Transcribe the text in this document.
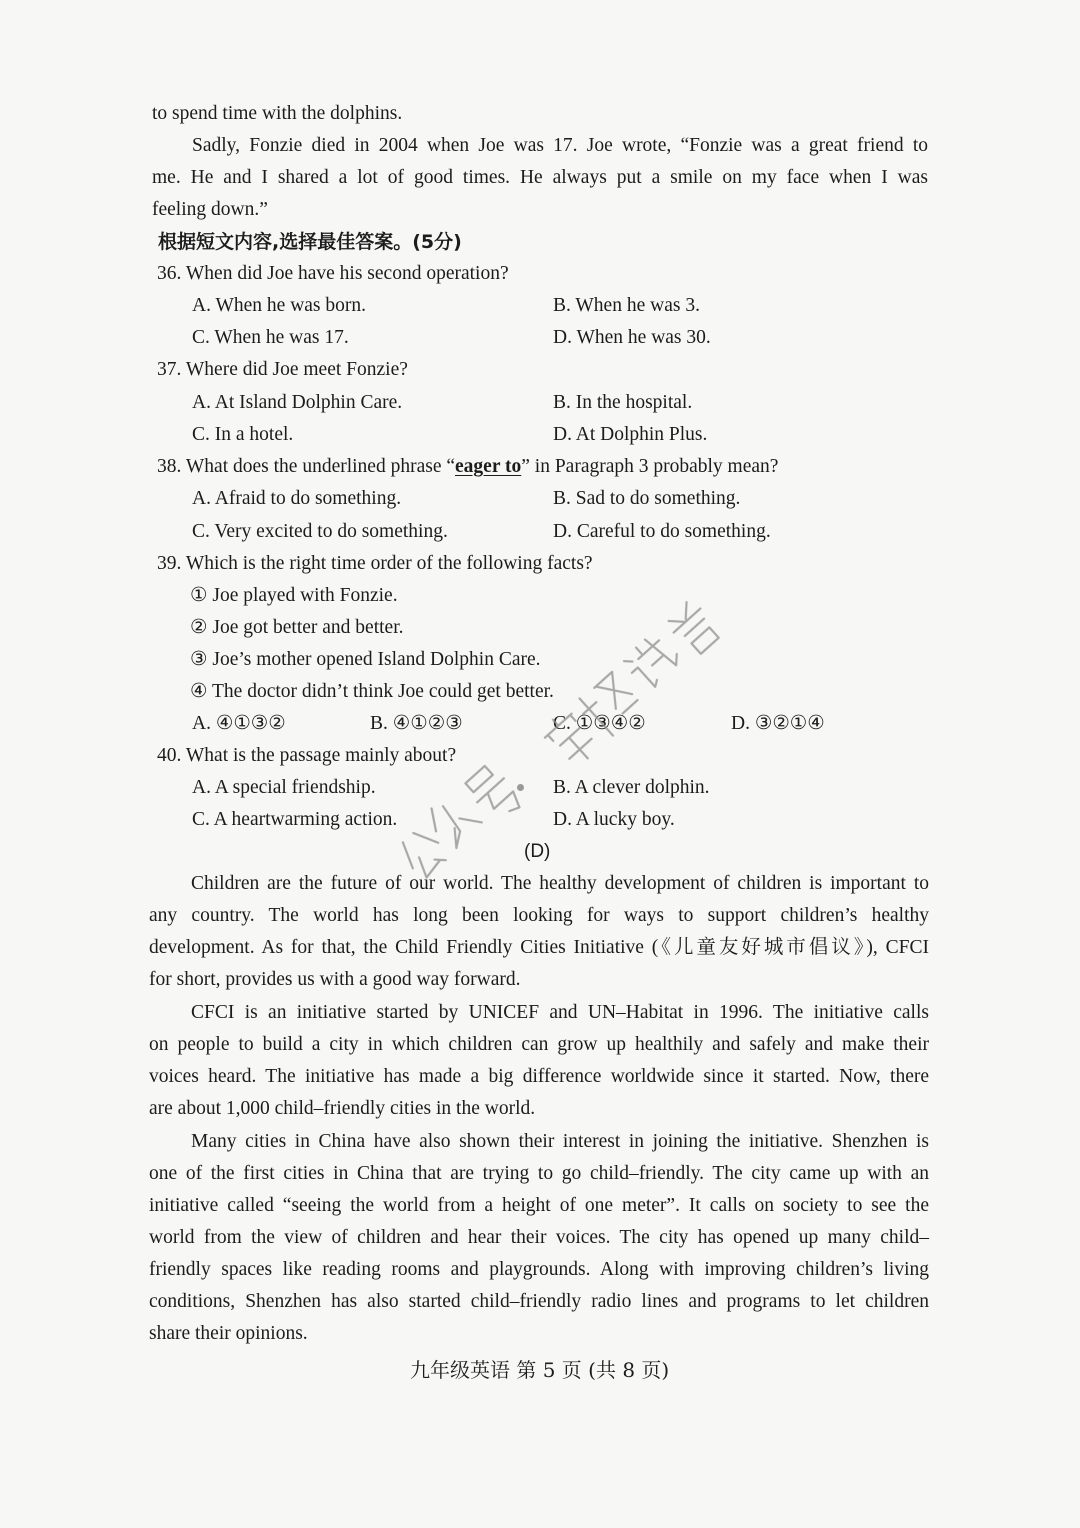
to spend time with the dolphins.
Sadly, Fonzie died in 2004 when Joe was 17. Joe wrote, “Fonzie was a great friend to
me. He and I shared a lot of good times. He always put a smile on my face when I was
feeling down.”
根据短文内容,选择最佳答案。(5分)
36. When did Joe have his second operation?
A. When he was born.	B. When he was 3.
C. When he was 17.	D. When he was 30.
37. Where did Joe meet Fonzie?
A. At Island Dolphin Care.	B. In the hospital.
C. In a hotel.	D. At Dolphin Plus.
38. What does the underlined phrase “eager to” in Paragraph 3 probably mean?
A. Afraid to do something.	B. Sad to do something.
C. Very excited to do something.	D. Careful to do something.
39. Which is the right time order of the following facts?
① Joe played with Fonzie.
② Joe got better and better.
③ Joe’s mother opened Island Dolphin Care.
④ The doctor didn’t think Joe could get better.
A. ④①③②	B. ④①②③	C. ①③④②	D. ③②①④
40. What is the passage mainly about?
A. A special friendship.	B. A clever dolphin.
C. A heartwarming action.	D. A lucky boy.
(D)
Children are the future of our world. The healthy development of children is important to
any country. The world has long been looking for ways to support children’s healthy
development. As for that, the Child Friendly Cities Initiative (《儿童友好城市倡议》), CFCI
for short, provides us with a good way forward.
CFCI is an initiative started by UNICEF and UN–Habitat in 1996. The initiative calls
on people to build a city in which children can grow up healthily and safely and make their
voices heard. The initiative has made a big difference worldwide since it started. Now, there
are about 1,000 child–friendly cities in the world.
Many cities in China have also shown their interest in joining the initiative. Shenzhen is
one of the first cities in China that are trying to go child–friendly. The city came up with an
initiative called “seeing the world from a height of one meter”. It calls on society to see the
world from the view of children and hear their voices. The city has opened up many child–
friendly spaces like reading rooms and playgrounds. Along with improving children’s living
conditions, Shenzhen has also started child–friendly radio lines and programs to let children
share their opinions.
九年级英语 第 5 页 (共 8 页)
